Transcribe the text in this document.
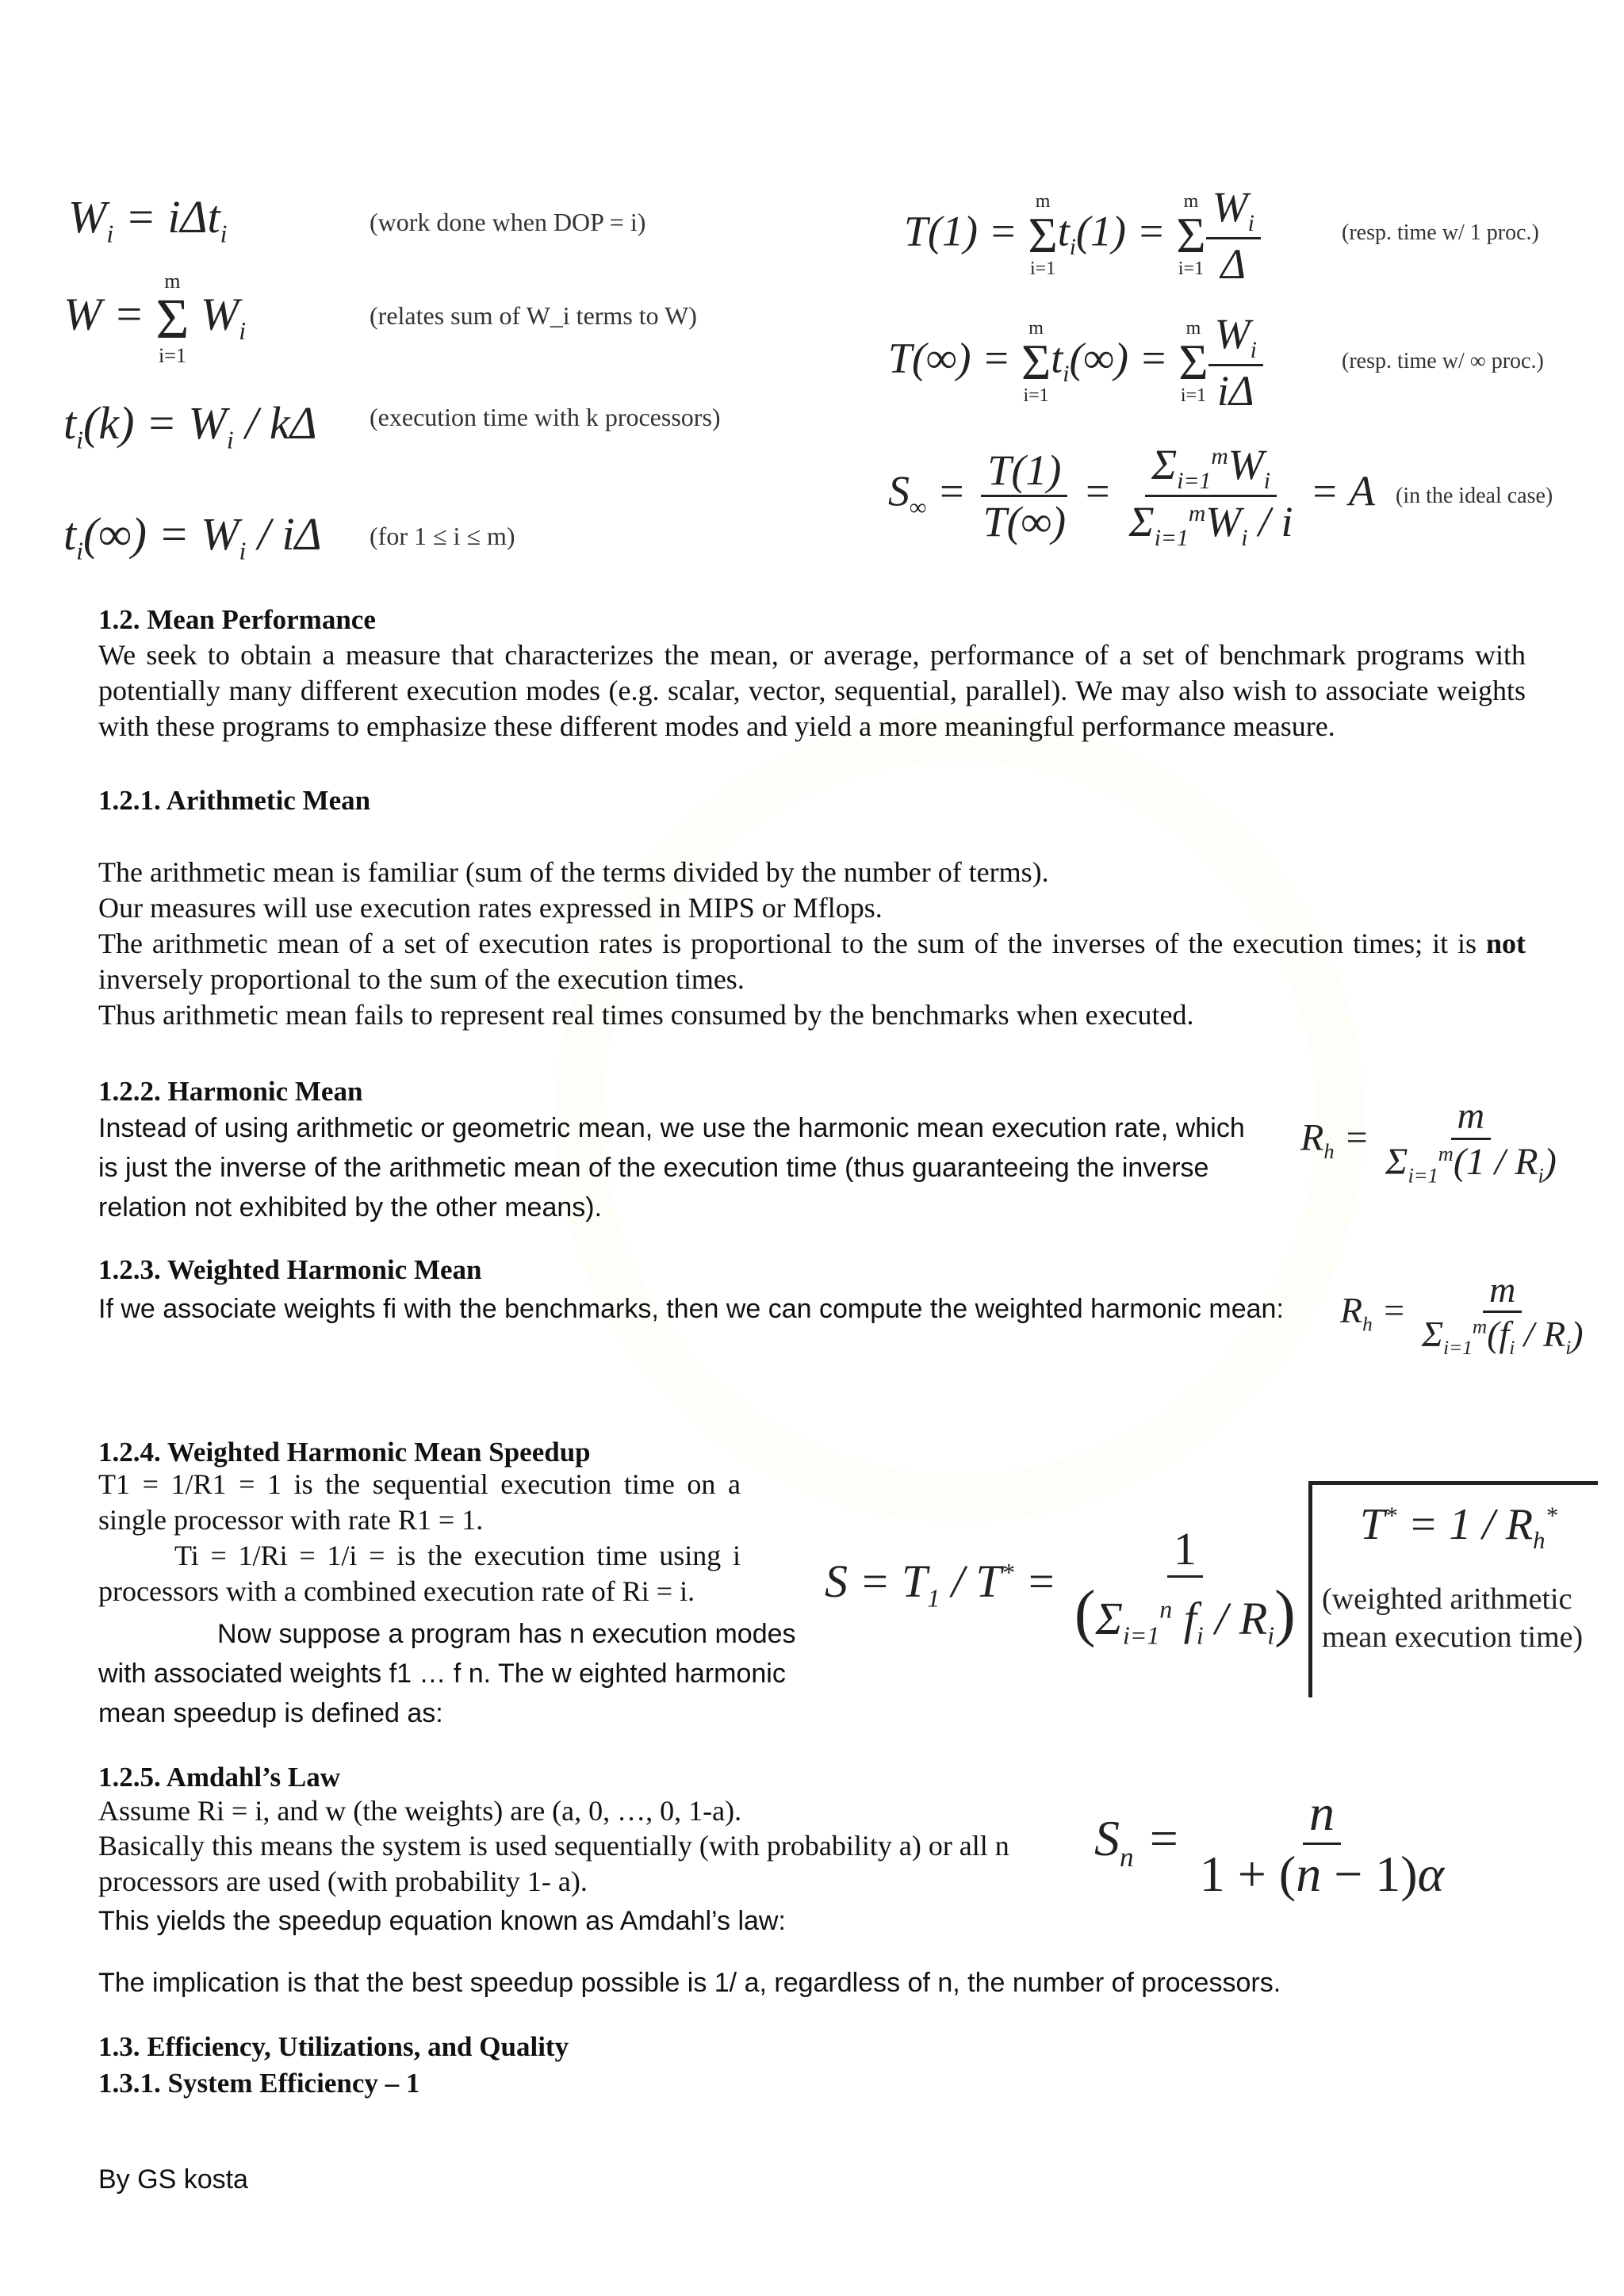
$W_i = i\Delta t_i$	(work done when DOP = i)
W =
m
Σ
i=1
$W_i$
(relates sum of W_i terms to W)
$t_i(k) = W_i / k\Delta$ (execution time with k processors)
$t_i(\infty) = W_i / i\Delta$ (for 1 ≤ i ≤ m)
T(1) =
m
Σ
i=1
$t_i(1)$ =
m
Σ
$i=1 \frac{W_i}{\Delta}$	(resp. time w/ 1 proc.)
T(∞) =
m
Σ
i=1
$t_i(\infty)$ =
m
Σ
$i=1 \frac{W_i}{i\Delta}$	(resp. time w/ ∞ proc.)
$S_\infty = \frac{T(1)}{T(\infty)} = \frac{\Sigma_{i=1}^mW_i}{\Sigma_{i=1}^mW_i / i} = A$ (in the ideal case)
1.2. Mean Performance
We seek to obtain a measure that characterizes the mean, or average, performance of a set of benchmark programs with potentially many different execution modes (e.g. scalar, vector, sequential, parallel). We may also wish to associate weights with these programs to emphasize these different modes and yield a more meaningful performance measure.
1.2.1. Arithmetic Mean
The arithmetic mean is familiar (sum of the terms divided by the number of terms).
Our measures will use execution rates expressed in MIPS or Mflops.
The arithmetic mean of a set of execution rates is proportional to the sum of the inverses of the execution times; it is not inversely proportional to the sum of the execution times.
Thus arithmetic mean fails to represent real times consumed by the benchmarks when executed.
1.2.2. Harmonic Mean
Instead of using arithmetic or geometric mean, we use the harmonic mean execution rate, which is just the inverse of the arithmetic mean of the execution time (thus guaranteeing the inverse relation not exhibited by the other means).
$R_h = \frac{m}{\Sigma_{i=1}^m(1 / R_i)}$
1.2.3. Weighted Harmonic Mean
If we associate weights fi with the benchmarks, then we can compute the weighted harmonic mean:	$R_h = \frac{m}{\Sigma_{i=1}^m(f_i / R_i)}$
1.2.4. Weighted Harmonic Mean Speedup
T1 = 1/R1 = 1 is the sequential execution time on a single processor with rate R1 = 1.
Ti = 1/Ri = 1/i = is the execution time using i processors with a combined execution rate of Ri = i.
Now suppose a program has n execution modes with associated weights f1 … f n. The w eighted harmonic mean speedup is defined as:
$S = T_1 / T^* = \frac{1}{(\Sigma_{i=1}^n f_i / R_i)} T^* = 1 / R_h^*$
(weighted arithmetic mean execution time)
1.2.5. Amdahl’s Law
Assume Ri = i, and w (the weights) are (a, 0, …, 0, 1-a).
Basically this means the system is used sequentially (with probability a) or all n processors are used (with probability 1- a).
This yields the speedup equation known as Amdahl’s law:
$S_n = \frac{n}{1 + (n - 1)\alpha}$
The implication is that the best speedup possible is 1/ a, regardless of n, the number of processors.
1.3. Efficiency, Utilizations, and Quality
1.3.1. System Efficiency – 1
By GS kosta
